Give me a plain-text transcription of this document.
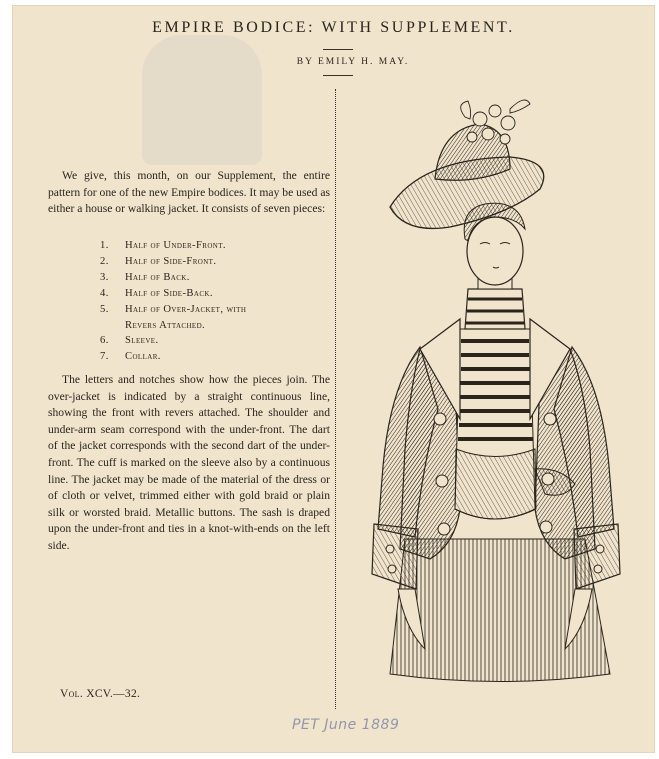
EMPIRE BODICE: WITH SUPPLEMENT.
BY EMILY H. MAY.
We give, this month, on our Supplement, the entire pattern for one of the new Empire bodices. It may be used as either a house or walking jacket. It consists of seven pieces:
1. Half of Under-Front.
2. Half of Side-Front.
3. Half of Back.
4. Half of Side-Back.
5. Half of Over-Jacket, with
Revers Attached.
6. Sleeve.
7. Collar.
The letters and notches show how the pieces join. The over-jacket is indicated by a straight continuous line, showing the front with revers attached. The shoulder and under-arm seam correspond with the under-front. The dart of the jacket corresponds with the second dart of the under-front. The cuff is marked on the sleeve also by a continuous line. The jacket may be made of the material of the dress or of cloth or velvet, trimmed either with gold braid or plain silk or worsted braid. Metallic buttons. The sash is draped upon the under-front and ties in a knot-with-ends on the left side.
Vol. XCV.—32.
PET June 1889
